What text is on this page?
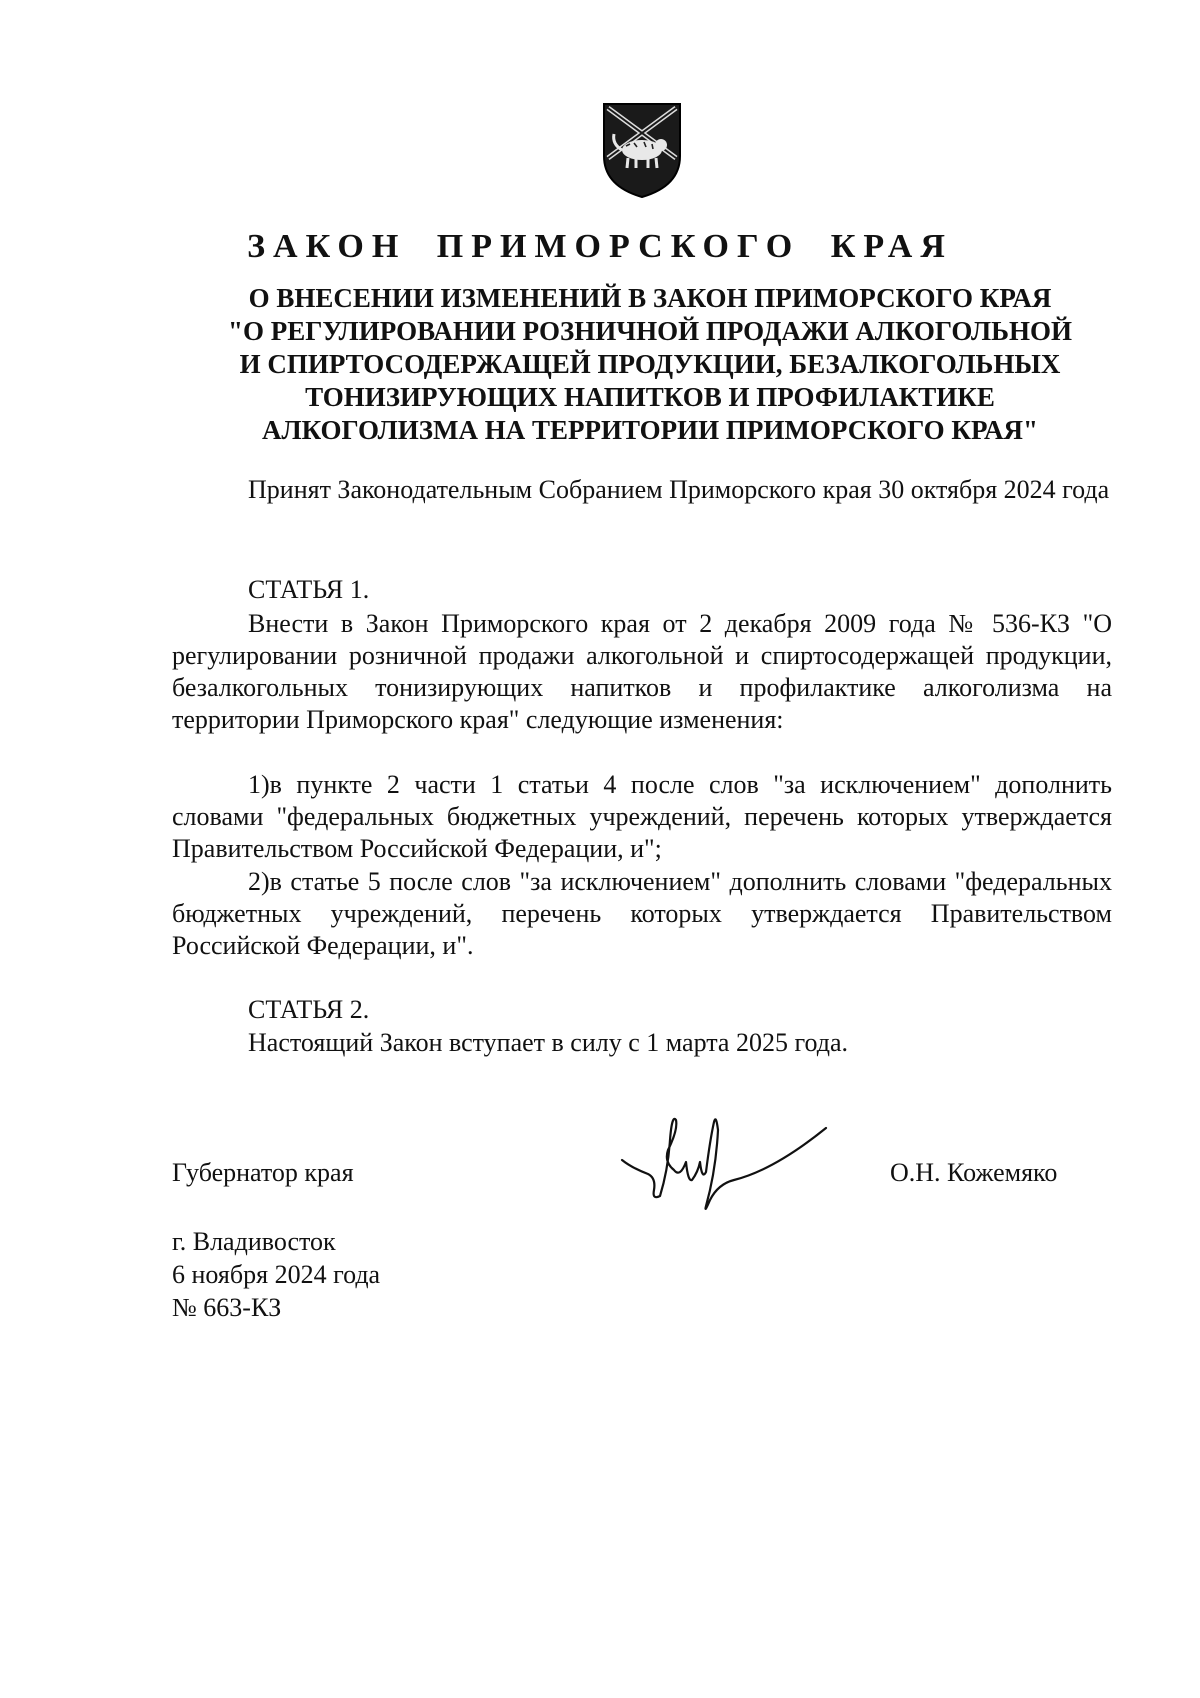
ЗАКОН ПРИМОРСКОГО КРАЯ
О ВНЕСЕНИИ ИЗМЕНЕНИЙ В ЗАКОН ПРИМОРСКОГО КРАЯ
"О РЕГУЛИРОВАНИИ РОЗНИЧНОЙ ПРОДАЖИ АЛКОГОЛЬНОЙ
И СПИРТОСОДЕРЖАЩЕЙ ПРОДУКЦИИ, БЕЗАЛКОГОЛЬНЫХ
ТОНИЗИРУЮЩИХ НАПИТКОВ И ПРОФИЛАКТИКЕ
АЛКОГОЛИЗМА НА ТЕРРИТОРИИ ПРИМОРСКОГО КРАЯ"
Принят Законодательным Собранием Приморского края 30 октября 2024 года
СТАТЬЯ 1.
Внести в Закон Приморского края от 2 декабря 2009 года № 536-КЗ "О регулировании розничной продажи алкогольной и спиртосодержащей продукции, безалкогольных тонизирующих напитков и профилактике алкоголизма на территории Приморского края" следующие изменения:
1)в пункте 2 части 1 статьи 4 после слов "за исключением" дополнить словами "федеральных бюджетных учреждений, перечень которых утверждается Правительством Российской Федерации, и";
2)в статье 5 после слов "за исключением" дополнить словами "федеральных бюджетных учреждений, перечень которых утверждается Правительством Российской Федерации, и".
СТАТЬЯ 2.
Настоящий Закон вступает в силу с 1 марта 2025 года.
Губернатор края	О.Н. Кожемяко
г. Владивосток
6 ноября 2024 года
№ 663-КЗ
